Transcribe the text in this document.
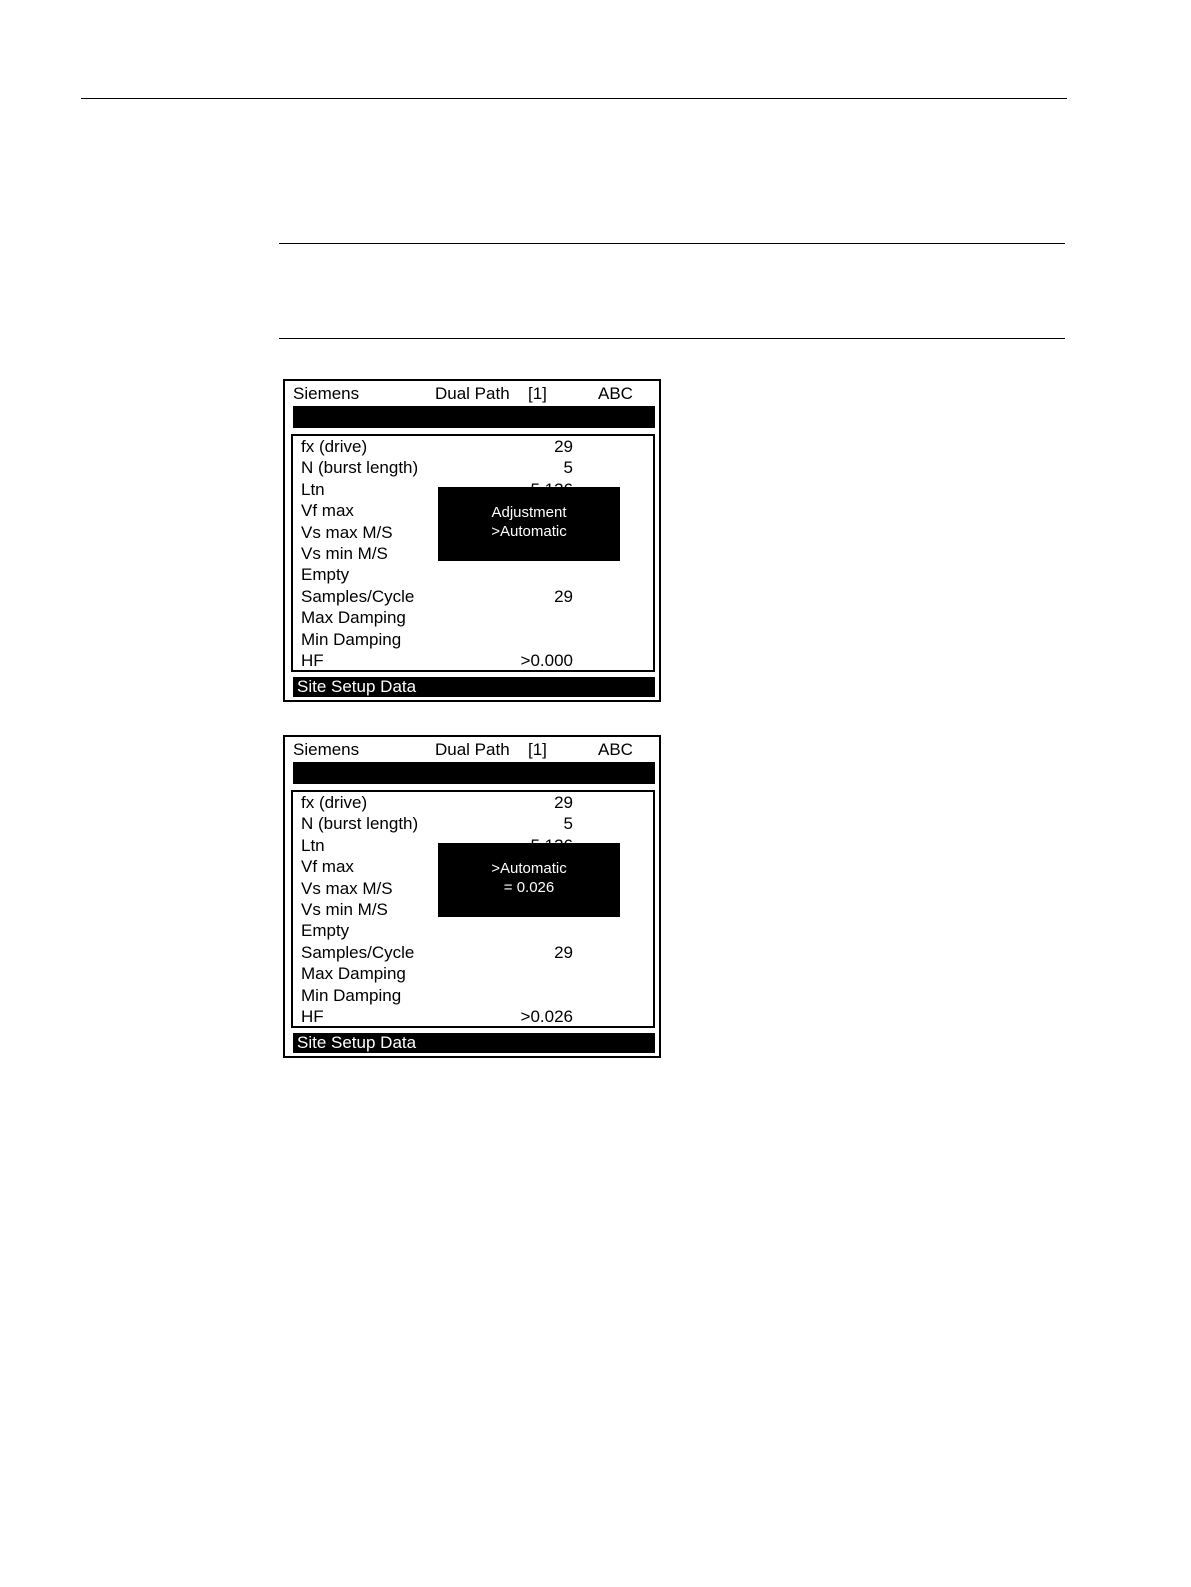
Siemens	Dual Path [1]	ABC
fx (drive)	29
N (burst length)	5
Ltn
Vf max
Vs max M/S
Vs min M/S
Empty
Samples/Cycle	29
Max Damping
Min Damping
HF	>0.000
Adjustment
>Automatic
Site Setup Data
Siemens	Dual Path [1]	ABC
fx (drive)	29
N (burst length)	5
Ltn
Vf max
Vs max M/S
Vs min M/S
Empty
Samples/Cycle	29
Max Damping
Min Damping
HF	>0.026
>Automatic
= 0.026
Site Setup Data
